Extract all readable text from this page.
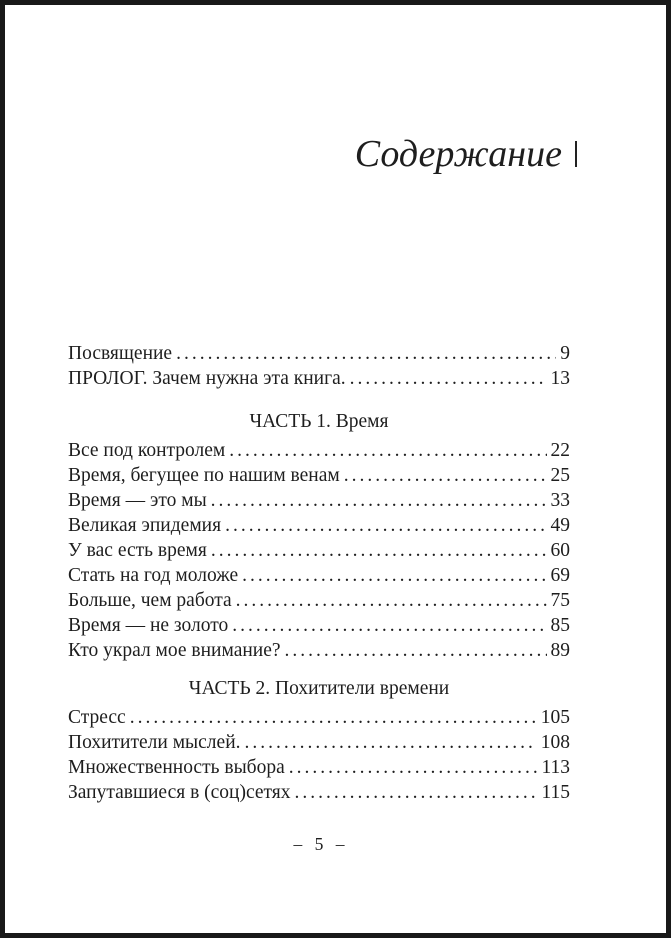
Содержание
Посвящение .....	9
ПРОЛОГ. Зачем нужна эта книга. .....	13
ЧАСТЬ 1. Время
Все под контролем .....	22
Время, бегущее по нашим венам .....	25
Время — это мы .....	33
Великая эпидемия .....	49
У вас есть время .....	60
Стать на год моложе .....	69
Больше, чем работа .....	75
Время — не золото .....	85
Кто украл мое внимание? .....	89
ЧАСТЬ 2. Похитители времени
Стресс .....	105
Похитители мыслей. .....	108
Множественность выбора .....	113
Запутавшиеся в (соц)сетях .....	115
– 5 –
